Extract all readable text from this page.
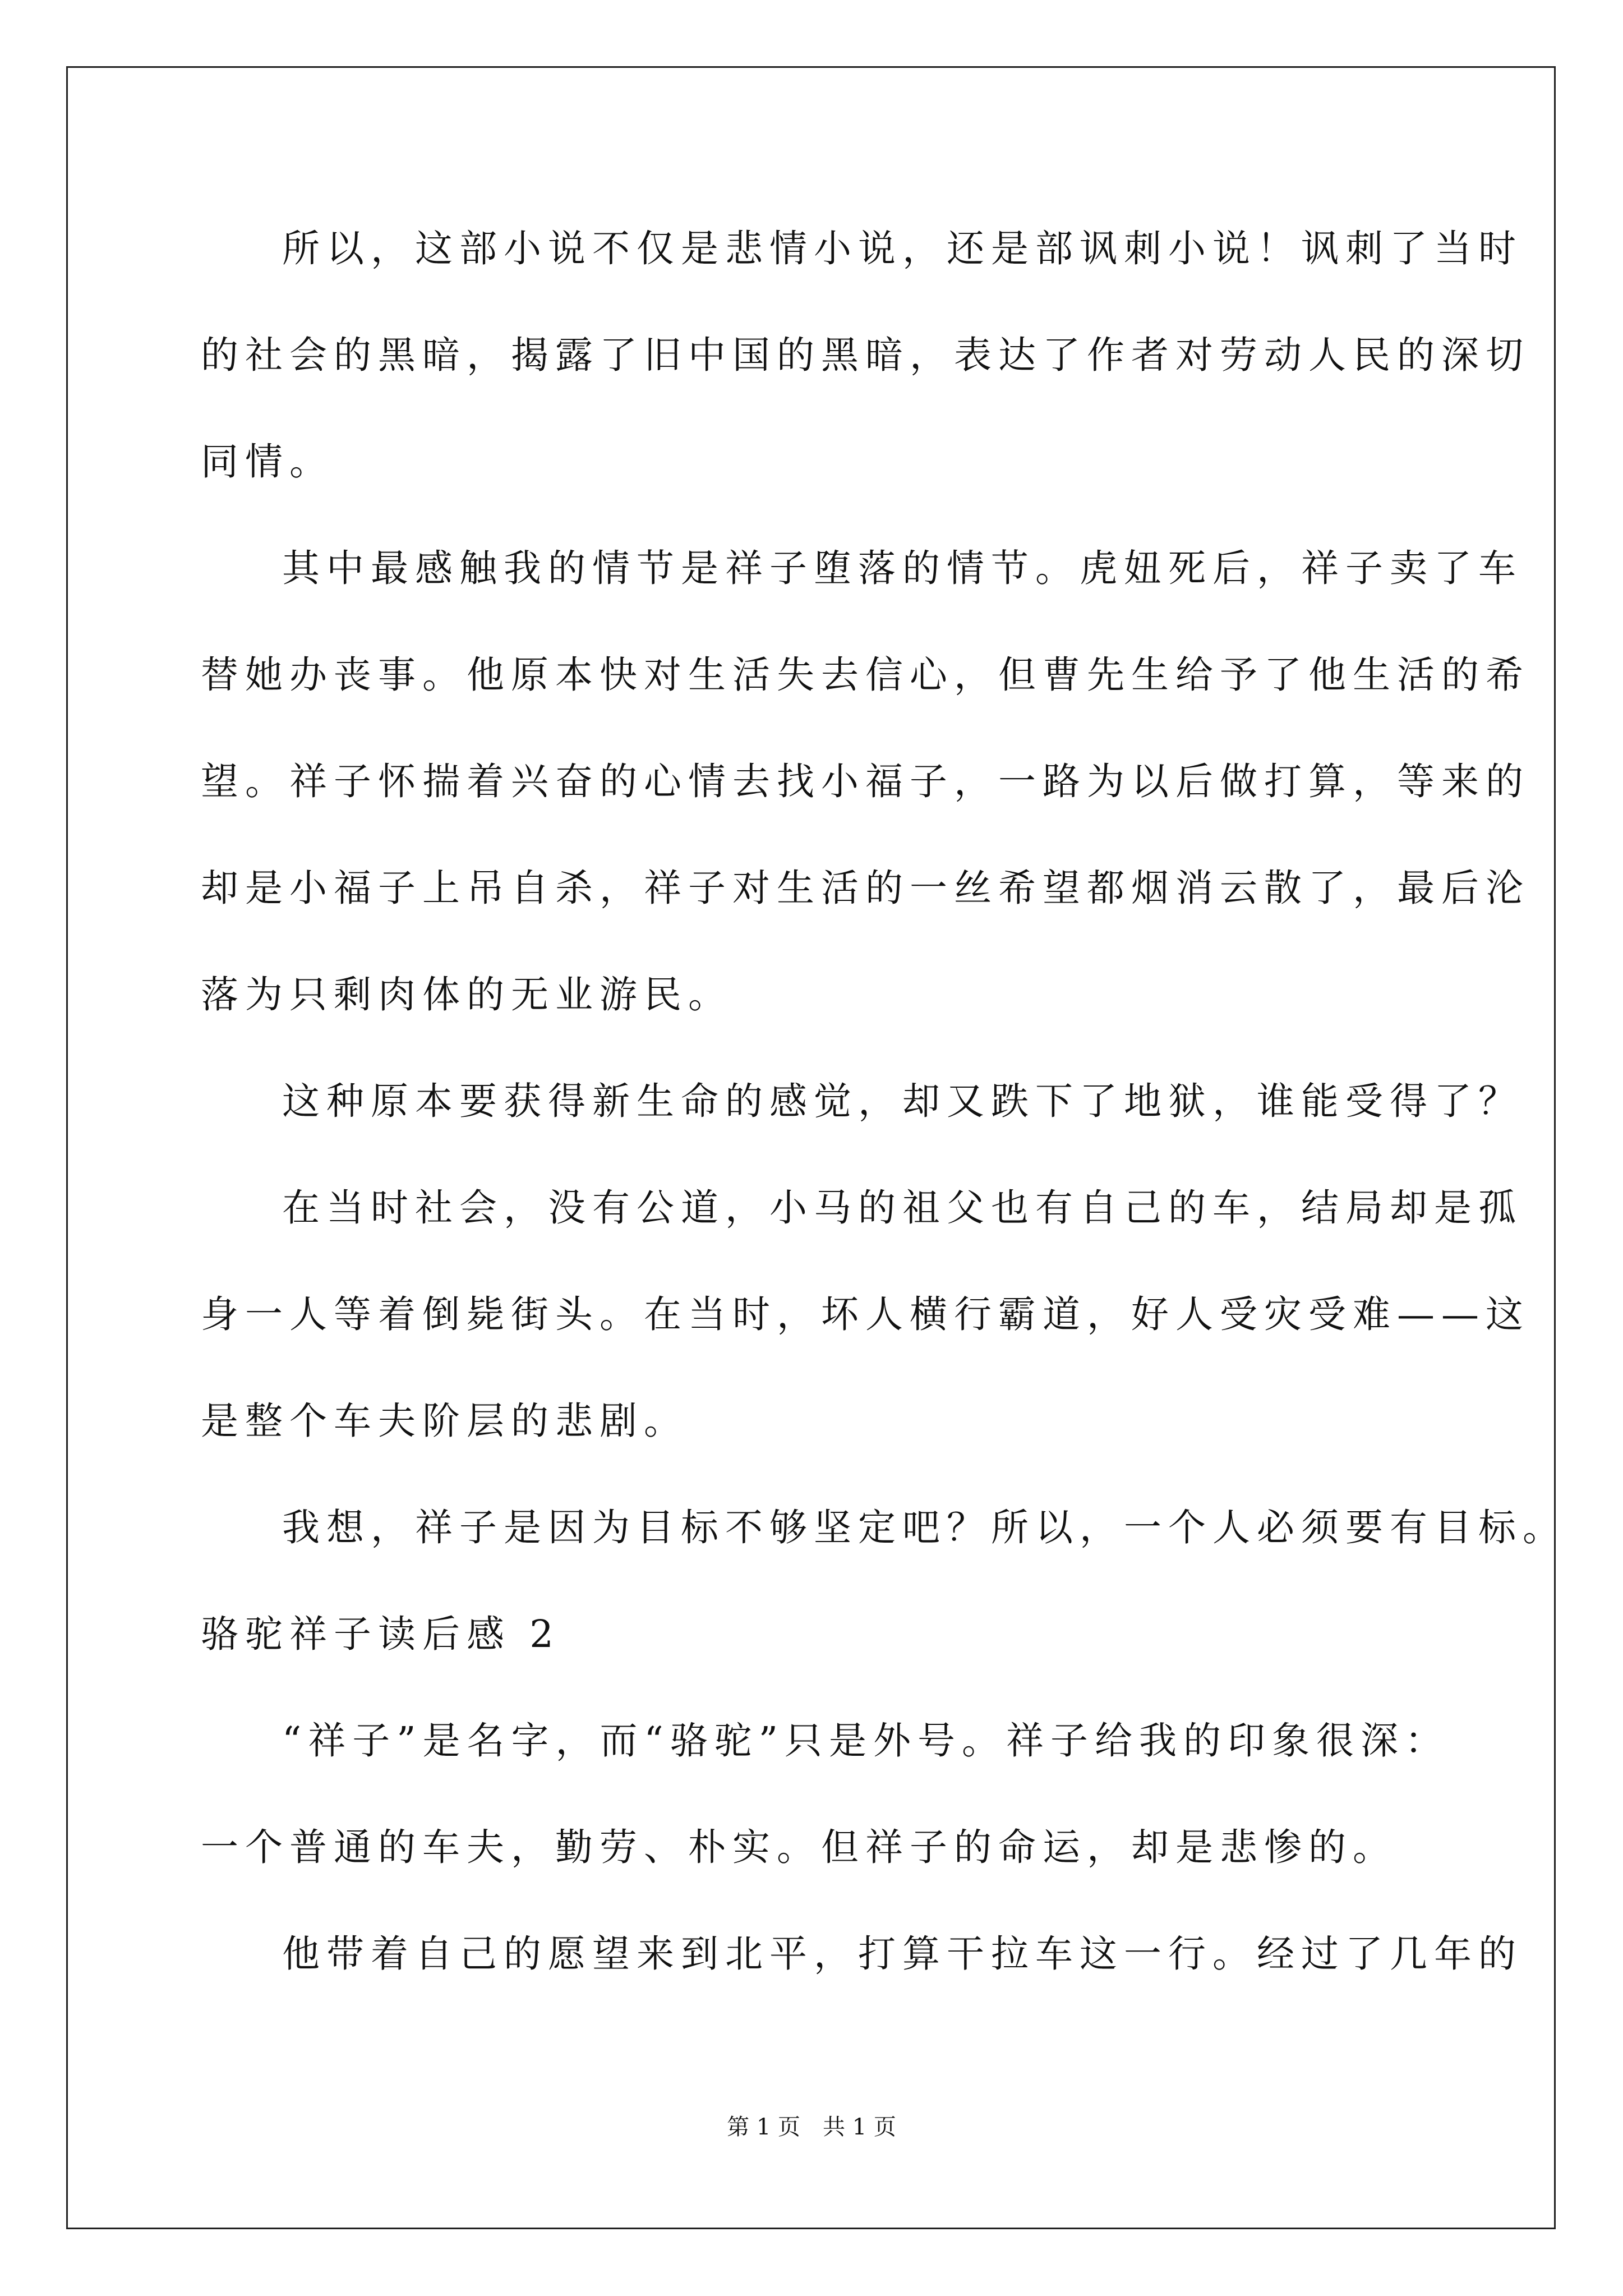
所以，这部小说不仅是悲情小说，还是部讽刺小说！讽刺了当时
的社会的黑暗，揭露了旧中国的黑暗，表达了作者对劳动人民的深切
同情。
其中最感触我的情节是祥子堕落的情节。虎妞死后，祥子卖了车
替她办丧事。他原本快对生活失去信心，但曹先生给予了他生活的希
望。祥子怀揣着兴奋的心情去找小福子，一路为以后做打算，等来的
却是小福子上吊自杀，祥子对生活的一丝希望都烟消云散了，最后沦
落为只剩肉体的无业游民。
这种原本要获得新生命的感觉，却又跌下了地狱，谁能受得了？
在当时社会，没有公道，小马的祖父也有自己的车，结局却是孤
身一人等着倒毙街头。在当时，坏人横行霸道，好人受灾受难——这
是整个车夫阶层的悲剧。
我想，祥子是因为目标不够坚定吧？所以，一个人必须要有目标。
骆驼祥子读后感 2
“祥子”是名字，而“骆驼”只是外号。祥子给我的印象很深：
一个普通的车夫，勤劳、朴实。但祥子的命运，却是悲惨的。
他带着自己的愿望来到北平，打算干拉车这一行。经过了几年的
第 1 页　共 1 页
